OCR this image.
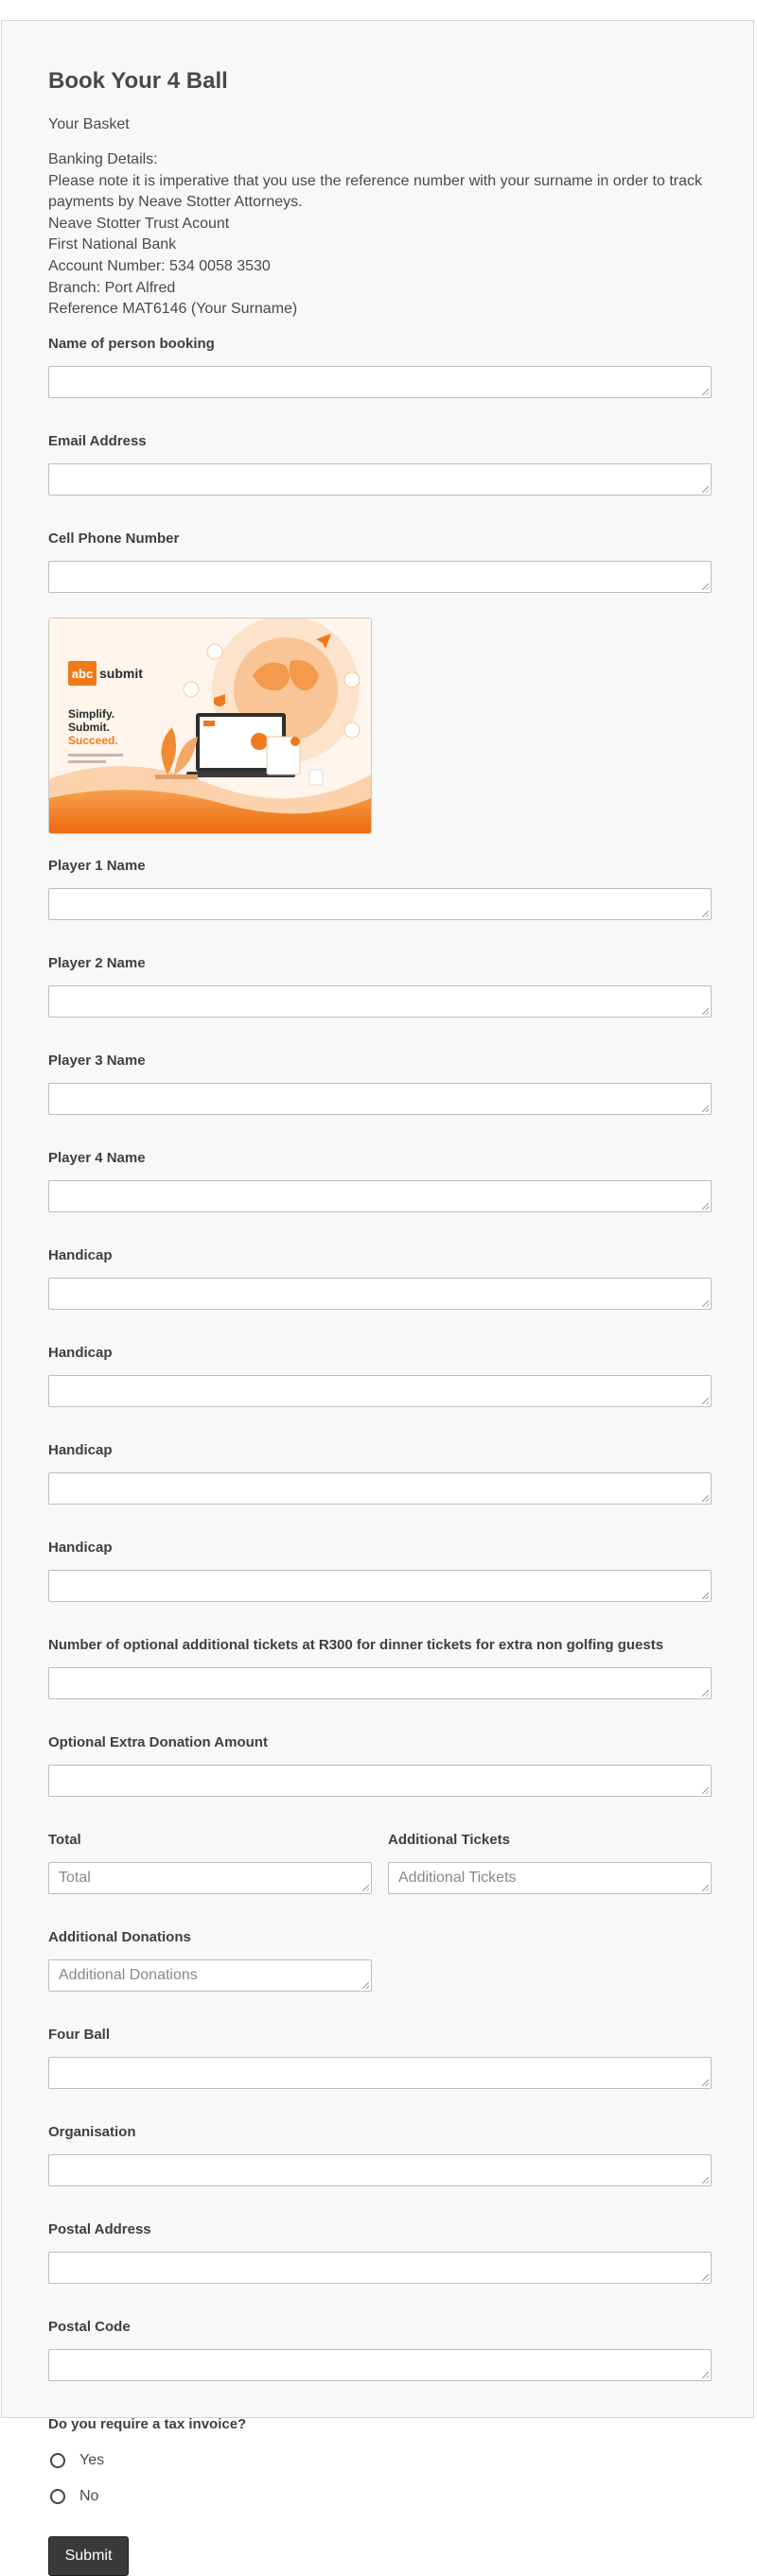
Book Your 4 Ball
Your Basket
Banking Details:
Please note it is imperative that you use the reference number with your surname in order to track payments by Neave Stotter Attorneys.
Neave Stotter Trust Acount
First National Bank
Account Number: 534 0058 3530
Branch: Port Alfred
Reference MAT6146 (Your Surname)
Name of person booking
Email Address
Cell Phone Number
abc submit
Simplify.
Submit.
Succeed.
Player 1 Name
Player 2 Name
Player 3 Name
Player 4 Name
Handicap
Handicap
Handicap
Handicap
Number of optional additional tickets at R300 for dinner tickets for extra non golfing guests
Optional Extra Donation Amount
Total
Total
Additional Tickets
Additional Tickets
Additional Donations
Additional Donations
Four Ball
Organisation
Postal Address
Postal Code
Do you require a tax invoice?
Yes
No
Submit
